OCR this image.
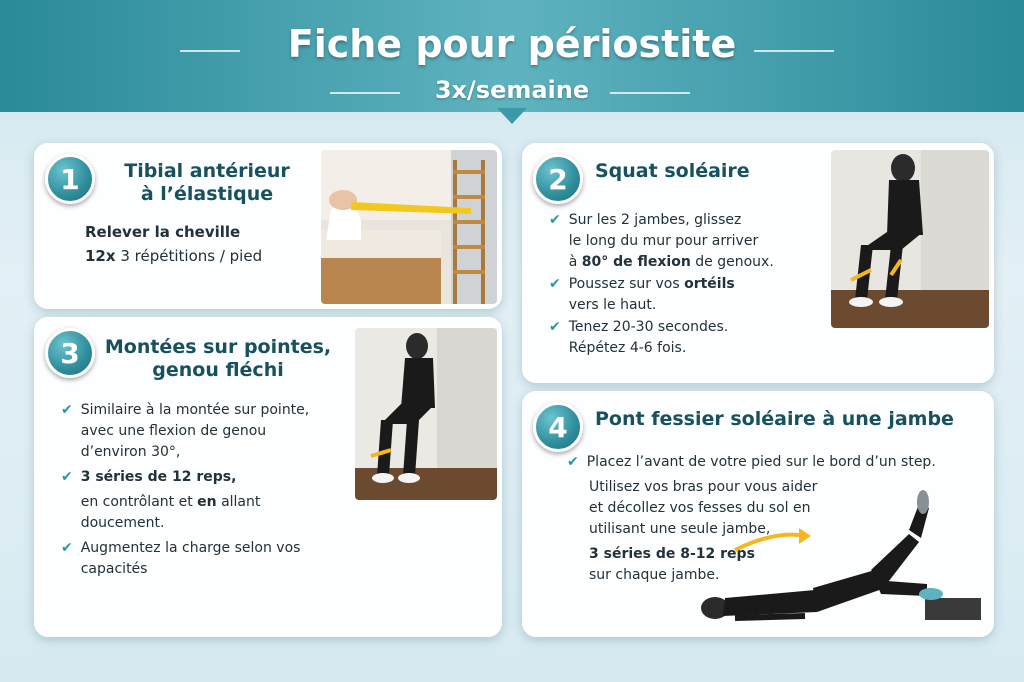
Fiche pour périostite
3x/semaine
1	Tibial antérieur
à l’élastique
Relever la cheville
12x 3 répétitions / pied
2	Squat soléaire
✔ Sur les 2 jambes, glissez
le long du mur pour arriver
à 80° de flexion de genoux.
✔ Poussez sur vos ortéils
vers le haut.
✔ Tenez 20-30 secondes.
Répétez 4-6 fois.
3	Montées sur pointes,
genou fléchi
✔ Similaire à la montée sur pointe,
avec une flexion de genou
d’environ 30°,
✔ 3 séries de 12 reps,
en contrôlant et en allant
doucement.
✔ Augmentez la charge selon vos
capacités
4	Pont fessier soléaire à une jambe
✔ Placez l’avant de votre pied sur le bord d’un step.
Utilisez vos bras pour vous aider
et décollez vos fesses du sol en
utilisant une seule jambe,
3 séries de 8-12 reps
sur chaque jambe.
